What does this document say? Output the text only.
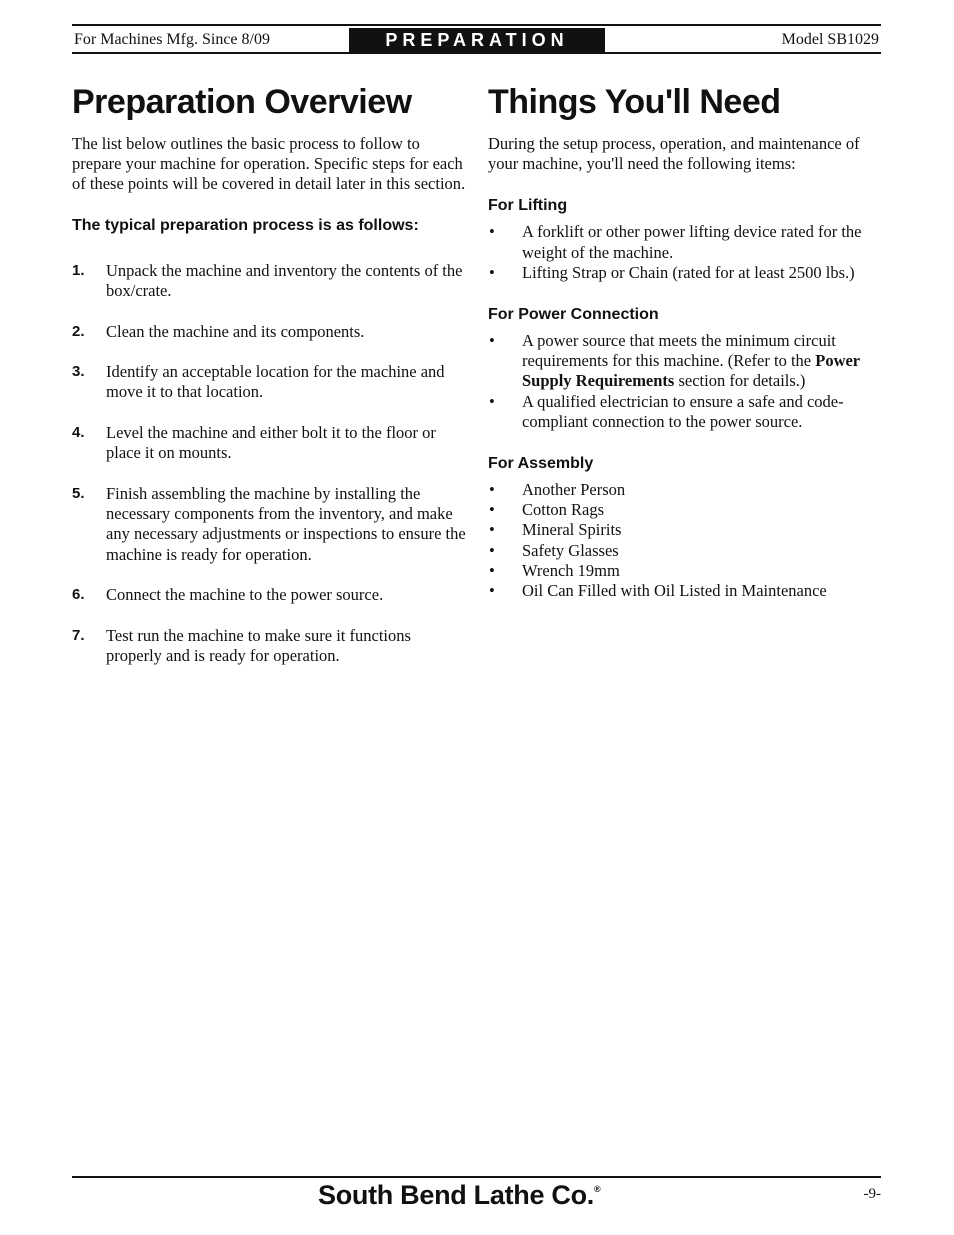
For Machines Mfg. Since 8/09	PREPARATION	Model SB1029
Preparation Overview

The list below outlines the basic process to follow to prepare your machine for operation. Specific steps for each of these points will be covered in detail later in this section.

The typical preparation process is as follows:
1.	Unpack the machine and inventory the contents of the box/crate.
2.	Clean the machine and its components.
3.	Identify an acceptable location for the machine and move it to that location.
4.	Level the machine and either bolt it to the floor or place it on mounts.
5.	Finish assembling the machine by installing the necessary components from the inventory, and make any necessary adjustments or inspections to ensure the machine is ready for operation.
6.	Connect the machine to the power source.
7.	Test run the machine to make sure it functions properly and is ready for operation.
Things You'll Need

During the setup process, operation, and maintenance of your machine, you'll need the following items:

For Lifting
•	A forklift or other power lifting device rated for the weight of the machine.
•	Lifting Strap or Chain (rated for at least 2500 lbs.)
For Power Connection
•	A power source that meets the minimum circuit requirements for this machine. (Refer to the Power Supply Requirements section for details.)
•	A qualified electrician to ensure a safe and code-compliant connection to the power source.
For Assembly
•	Another Person
•	Cotton Rags
•	Mineral Spirits
•	Safety Glasses
•	Wrench 19mm
•	Oil Can Filled with Oil Listed in Maintenance
South Bend Lathe Co.®	-9-
